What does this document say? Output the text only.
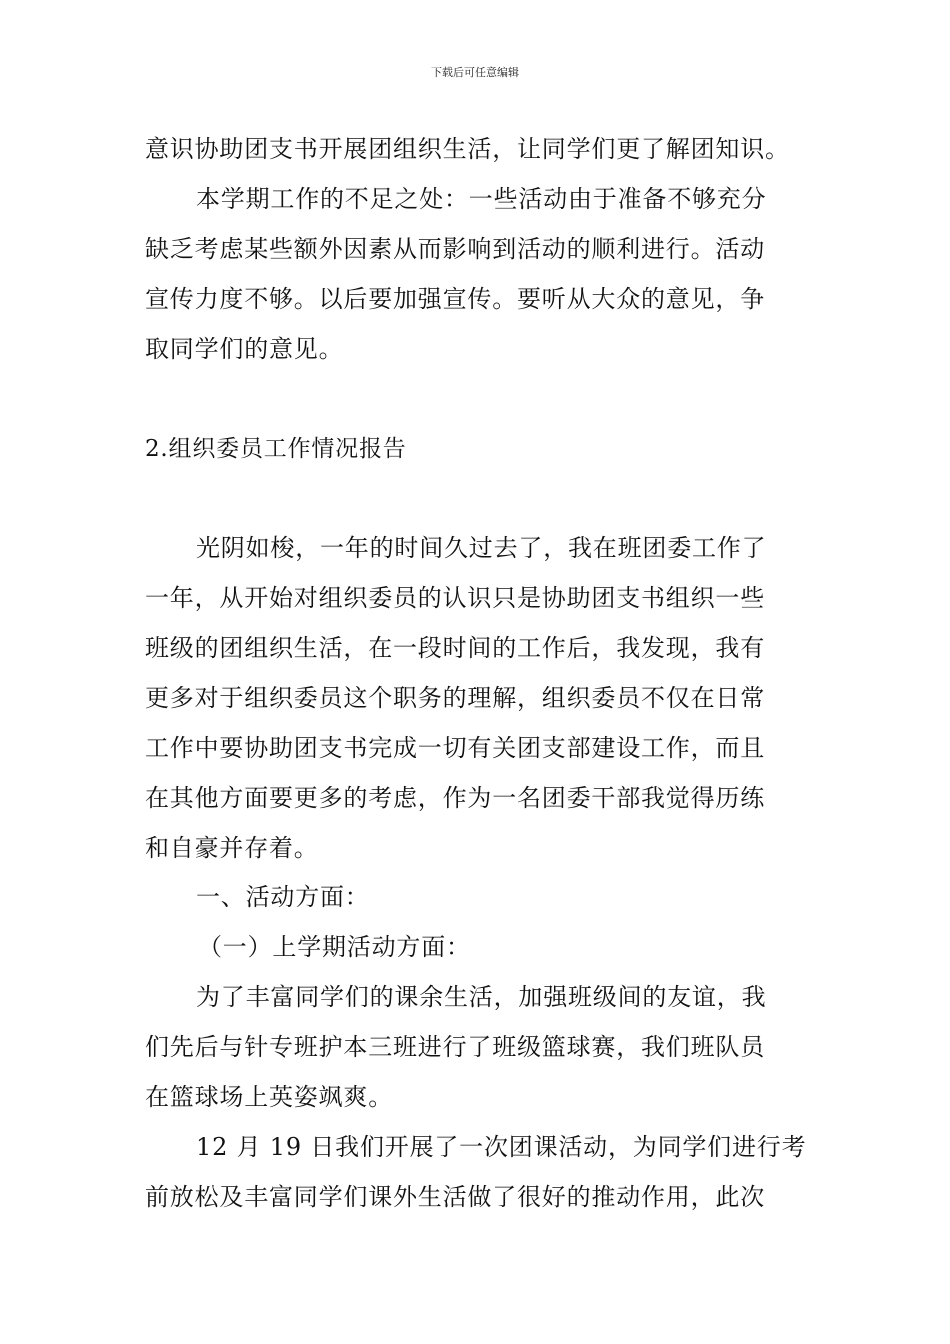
下载后可任意编辑
意识协助团支书开展团组织生活，让同学们更了解团知识。
本学期工作的不足之处：一些活动由于准备不够充分
缺乏考虑某些额外因素从而影响到活动的顺利进行。活动
宣传力度不够。以后要加强宣传。要听从大众的意见，争
取同学们的意见。
2.组织委员工作情况报告
光阴如梭，一年的时间久过去了，我在班团委工作了
一年，从开始对组织委员的认识只是协助团支书组织一些
班级的团组织生活，在一段时间的工作后，我发现，我有
更多对于组织委员这个职务的理解，组织委员不仅在日常
工作中要协助团支书完成一切有关团支部建设工作，而且
在其他方面要更多的考虑，作为一名团委干部我觉得历练
和自豪并存着。
一、活动方面：
（一）上学期活动方面：
为了丰富同学们的课余生活，加强班级间的友谊，我
们先后与针专班护本三班进行了班级篮球赛，我们班队员
在篮球场上英姿飒爽。
12 月 19 日我们开展了一次团课活动，为同学们进行考
前放松及丰富同学们课外生活做了很好的推动作用，此次
